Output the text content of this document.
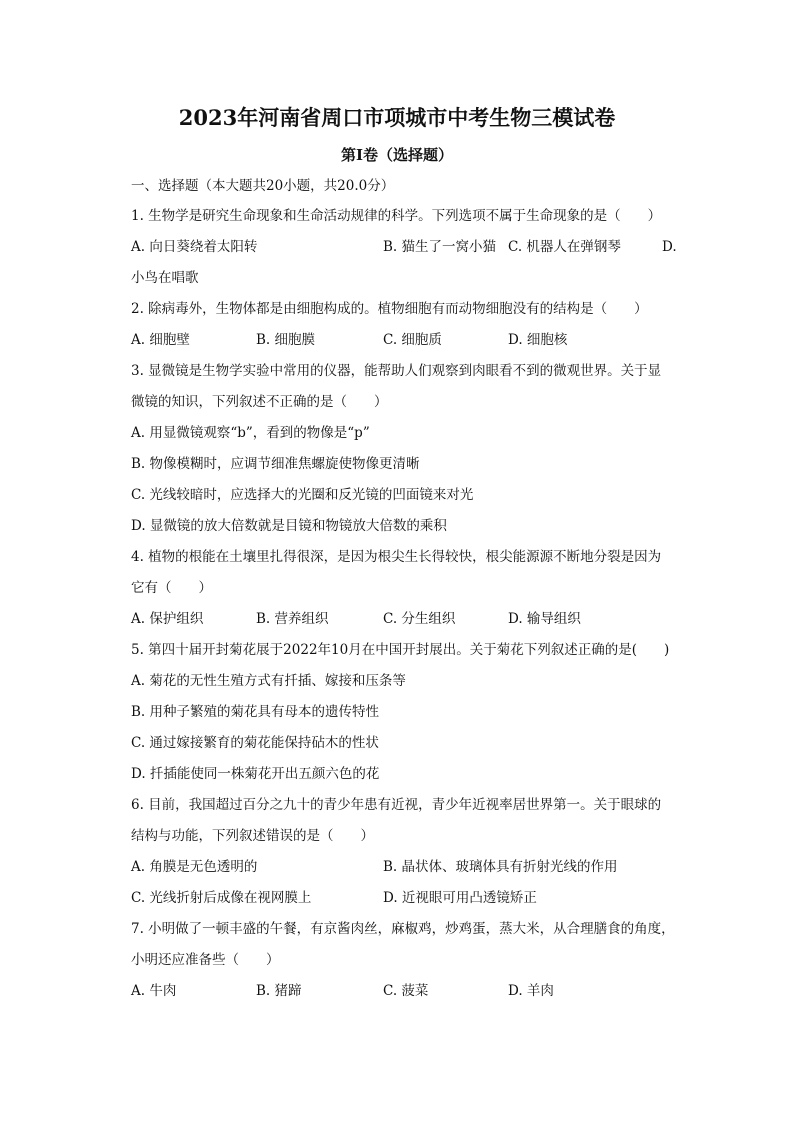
2023年河南省周口市项城市中考生物三模试卷
第Ⅰ卷（选择题）
一、选择题（本大题共20小题，共20.0分）
1. 生物学是研究生命现象和生命活动规律的科学。下列选项不属于生命现象的是（　　）
A. 向日葵绕着太阳转	B. 猫生了一窝小猫 C. 机器人在弹钢琴	D.
小鸟在唱歌
2. 除病毒外，生物体都是由细胞构成的。植物细胞有而动物细胞没有的结构是（　　）
A. 细胞壁	B. 细胞膜	C. 细胞质	D. 细胞核
3. 显微镜是生物学实验中常用的仪器，能帮助人们观察到肉眼看不到的微观世界。关于显
微镜的知识，下列叙述不正确的是（　　）
A. 用显微镜观察“b”，看到的物像是“p”
B. 物像模糊时，应调节细准焦螺旋使物像更清晰
C. 光线较暗时，应选择大的光圈和反光镜的凹面镜来对光
D. 显微镜的放大倍数就是目镜和物镜放大倍数的乘积
4. 植物的根能在土壤里扎得很深，是因为根尖生长得较快，根尖能源源不断地分裂是因为
它有（　　）
A. 保护组织	B. 营养组织	C. 分生组织	D. 输导组织
5. 第四十届开封菊花展于2022年10月在中国开封展出。关于菊花下列叙述正确的是(　　)
A. 菊花的无性生殖方式有扦插、嫁接和压条等
B. 用种子繁殖的菊花具有母本的遗传特性
C. 通过嫁接繁育的菊花能保持砧木的性状
D. 扦插能使同一株菊花开出五颜六色的花
6. 目前，我国超过百分之九十的青少年患有近视，青少年近视率居世界第一。关于眼球的
结构与功能，下列叙述错误的是（　　）
A. 角膜是无色透明的	B. 晶状体、玻璃体具有折射光线的作用
C. 光线折射后成像在视网膜上	D. 近视眼可用凸透镜矫正
7. 小明做了一顿丰盛的午餐，有京酱肉丝，麻椒鸡，炒鸡蛋，蒸大米，从合理膳食的角度，
小明还应准备些（　　）
A. 牛肉	B. 猪蹄	C. 菠菜	D. 羊肉
